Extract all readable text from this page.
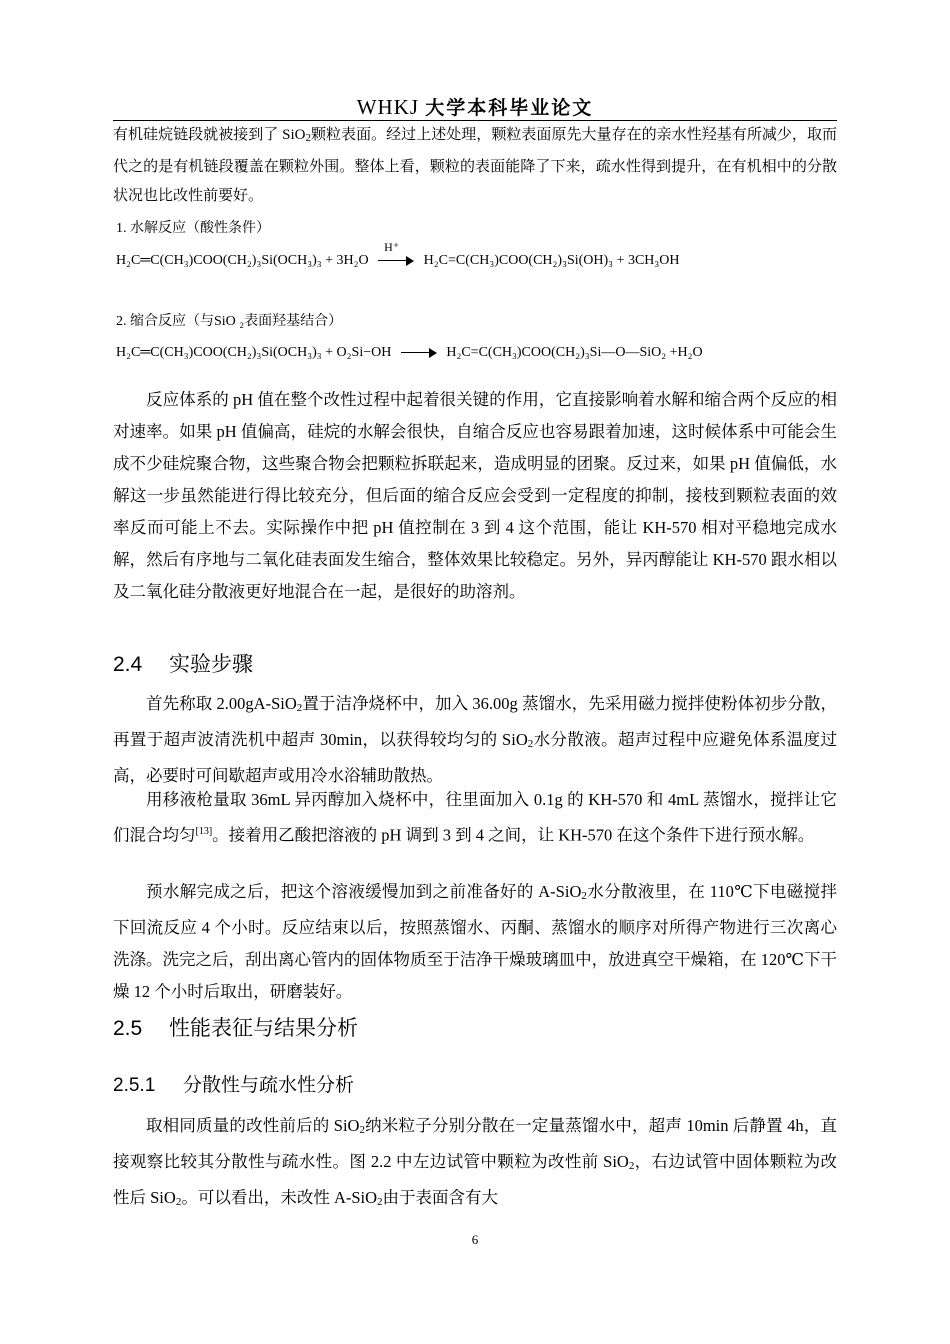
WHKJ 大学本科毕业论文
有机硅烷链段就被接到了 SiO$_2$颗粒表面。经过上述处理，颗粒表面原先大量存在的亲水性羟基有所减少，取而代之的是有机链段覆盖在颗粒外围。整体上看，颗粒的表面能降了下来，疏水性得到提升，在有机相中的分散状况也比改性前要好。
1. 水解反应（酸性条件）
H₂C═C(CH₃)COO(CH₂)₃Si(OCH₃)₃ + 3H₂O
H⁺
H₂C=C(CH₃)COO(CH₂)₃Si(OH)₃ + 3CH₃OH
2. 缩合反应（与SiO ₂表面羟基结合）
H₂C═C(CH₃)COO(CH₂)₃Si(OCH₃)₃ + O₂Si−OH	H₂C=C(CH₃)COO(CH₂)₃Si—O—SiO₂ +H₂O
反应体系的 pH 值在整个改性过程中起着很关键的作用，它直接影响着水解和缩合两个反应的相对速率。如果 pH 值偏高，硅烷的水解会很快，自缩合反应也容易跟着加速，这时候体系中可能会生成不少硅烷聚合物，这些聚合物会把颗粒拆联起来，造成明显的团聚。反过来，如果 pH 值偏低，水解这一步虽然能进行得比较充分，但后面的缩合反应会受到一定程度的抑制，接枝到颗粒表面的效率反而可能上不去。实际操作中把 pH 值控制在 3 到 4 这个范围，能让 KH-570 相对平稳地完成水解，然后有序地与二氧化硅表面发生缩合，整体效果比较稳定。另外，异丙醇能让 KH-570 跟水相以及二氧化硅分散液更好地混合在一起，是很好的助溶剂。
2.4 实验步骤
首先称取 2.00gA-SiO$_2$置于洁净烧杯中，加入 36.00g 蒸馏水，先采用磁力搅拌使粉体初步分散，再置于超声波清洗机中超声 30min，以获得较均匀的 SiO$_2$水分散液。超声过程中应避免体系温度过高，必要时可间歇超声或用冷水浴辅助散热。
用移液枪量取 36mL 异丙醇加入烧杯中，往里面加入 0.1g 的 KH-570 和 4mL 蒸馏水，搅拌让它们混合均匀[13]。接着用乙酸把溶液的 pH 调到 3 到 4 之间，让 KH-570 在这个条件下进行预水解。
预水解完成之后，把这个溶液缓慢加到之前准备好的 A-SiO$_2$水分散液里，在 110℃下电磁搅拌下回流反应 4 个小时。反应结束以后，按照蒸馏水、丙酮、蒸馏水的顺序对所得产物进行三次离心洗涤。洗完之后，刮出离心管内的固体物质至于洁净干燥玻璃皿中，放进真空干燥箱，在 120℃下干燥 12 个小时后取出，研磨装好。
2.5 性能表征与结果分析
2.5.1 分散性与疏水性分析
取相同质量的改性前后的 SiO$_2$纳米粒子分别分散在一定量蒸馏水中，超声 10min 后静置 4h，直接观察比较其分散性与疏水性。图 2.2 中左边试管中颗粒为改性前 SiO$_2$，右边试管中固体颗粒为改性后 SiO$_2$。可以看出，未改性 A-SiO$_2$由于表面含有大
6
